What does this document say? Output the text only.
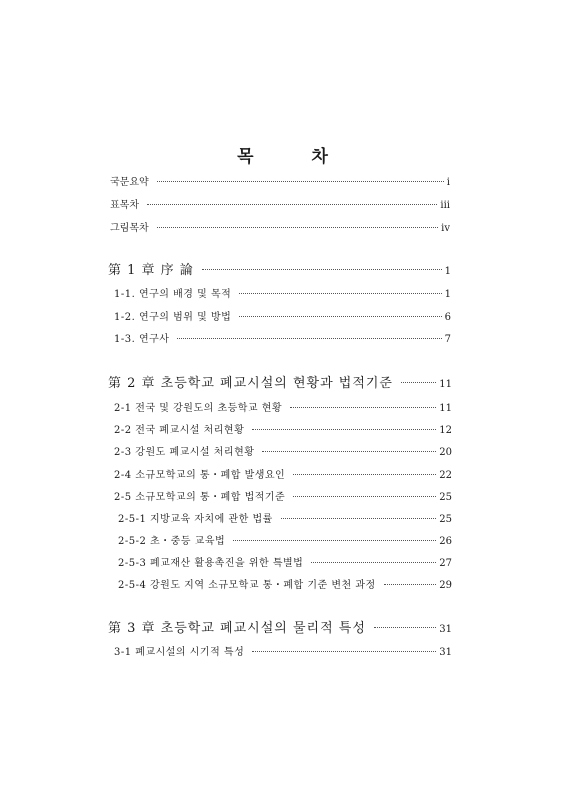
목 차
국문요약	i
표목차	iii
그림목차	iv
第 1 章 序 論	1
1-1. 연구의 배경 및 목적	1
1-2. 연구의 범위 및 방법	6
1-3. 연구사	7
第 2 章 초등학교 폐교시설의 현황과 법적기준	11
2-1 전국 및 강원도의 초등학교 현황	11
2-2 전국 폐교시설 처리현황	12
2-3 강원도 폐교시설 처리현황	20
2-4 소규모학교의 통・폐합 발생요인	22
2-5 소규모학교의 통・폐합 법적기준	25
2-5-1 지방교육 자치에 관한 법률	25
2-5-2 초・중등 교육법	26
2-5-3 폐교재산 활용촉진을 위한 특별법	27
2-5-4 강원도 지역 소규모학교 통・폐합 기준 변천 과정	29
第 3 章 초등학교 폐교시설의 물리적 특성	31
3-1 폐교시설의 시기적 특성	31
